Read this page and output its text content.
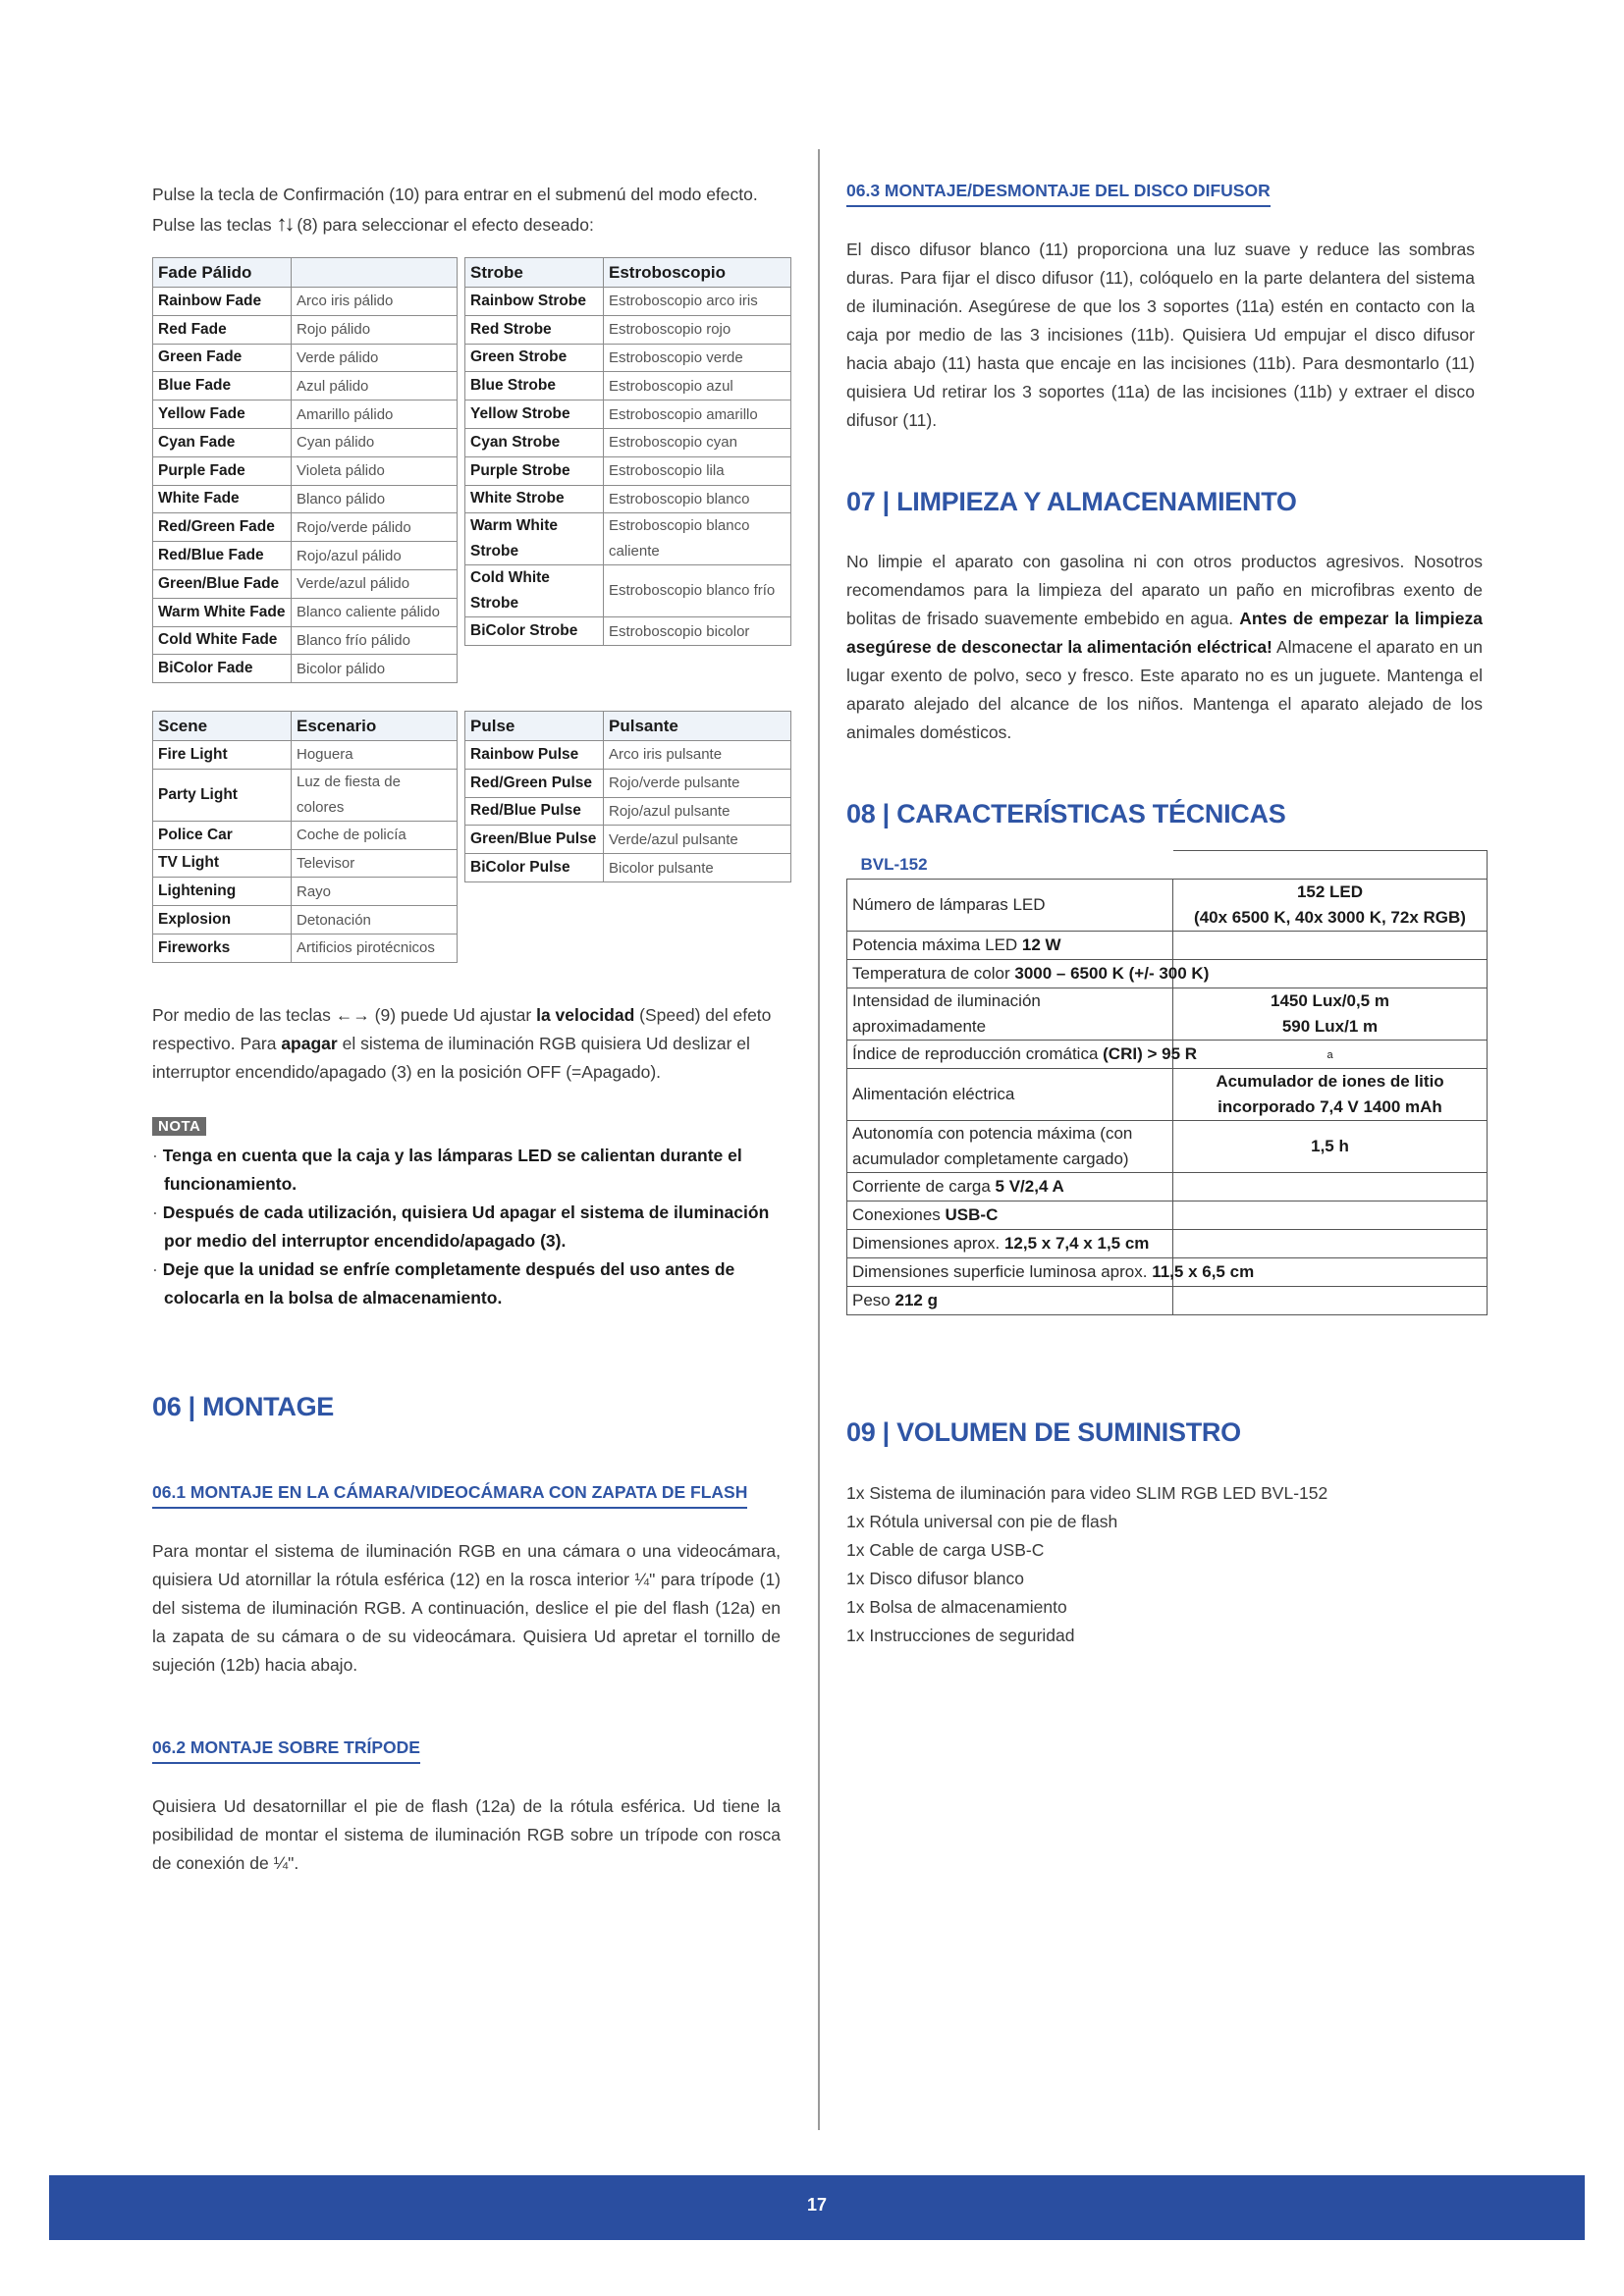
Pulse la tecla de Confirmación (10) para entrar en el submenú del modo efecto.
Pulse las teclas ↑↓ (8) para seleccionar el efecto deseado:

Fade Pálido	
Rainbow Fade	Arco iris pálido
Red Fade	Rojo pálido
Green Fade	Verde pálido
Blue Fade	Azul pálido
Yellow Fade	Amarillo pálido
Cyan Fade	Cyan pálido
Purple Fade	Violeta pálido
White Fade	Blanco pálido
Red/Green Fade	Rojo/verde pálido
Red/Blue Fade	Rojo/azul pálido
Green/Blue Fade	Verde/azul pálido
Warm White Fade	Blanco caliente pálido
Cold White Fade	Blanco frío pálido
BiColor Fade	Bicolor pálido
Strobe	Estroboscopio
Rainbow Strobe	Estroboscopio arco iris
Red Strobe	Estroboscopio rojo
Green Strobe	Estroboscopio verde
Blue Strobe	Estroboscopio azul
Yellow Strobe	Estroboscopio amarillo
Cyan Strobe	Estroboscopio cyan
Purple Strobe	Estroboscopio lila
White Strobe	Estroboscopio blanco
Warm White Strobe	Estroboscopio blanco caliente
Cold White Strobe	Estroboscopio blanco frío
BiColor Strobe	Estroboscopio bicolor
Scene	Escenario
Fire Light	Hoguera
Party Light	Luz de fiesta de colores
Police Car	Coche de policía
TV Light	Televisor
Lightening	Rayo
Explosion	Detonación
Fireworks	Artificios pirotécnicos
Pulse	Pulsante
Rainbow Pulse	Arco iris pulsante
Red/Green Pulse	Rojo/verde pulsante
Red/Blue Pulse	Rojo/azul pulsante
Green/Blue Pulse	Verde/azul pulsante
BiColor Pulse	Bicolor pulsante

Por medio de las teclas ←→ (9) puede Ud ajustar la velocidad (Speed) del efeto respectivo. Para apagar el sistema de iluminación RGB quisiera Ud deslizar el interruptor encendido/apagado (3) en la posición OFF (=Apagado).

NOTA
· Tenga en cuenta que la caja y las lámparas LED se calientan durante el funcionamiento.
· Después de cada utilización, quisiera Ud apagar el sistema de iluminación por medio del interruptor encendido/apagado (3).
· Deje que la unidad se enfríe completamente después del uso antes de colocarla en la bolsa de almacenamiento.
06 | MONTAGE
06.1 MONTAJE EN LA CÁMARA/VIDEOCÁMARA CON ZAPATA DE FLASH

Para montar el sistema de iluminación RGB en una cámara o una videocámara, quisiera Ud atornillar la rótula esférica (12) en la rosca interior ¼" para trípode (1) del sistema de iluminación RGB. A continuación, deslice el pie del flash (12a) en la zapata de su cámara o de su videocámara. Quisiera Ud apretar el tornillo de sujeción (12b) hacia abajo.

06.2 MONTAJE SOBRE TRÍPODE

Quisiera Ud desatornillar el pie de flash (12a) de la rótula esférica. Ud tiene la posibilidad de montar el sistema de iluminación RGB sobre un trípode con rosca de conexión de ¼".

06.3 MONTAJE/DESMONTAJE DEL DISCO DIFUSOR

El disco difusor blanco (11) proporciona una luz suave y reduce las sombras duras. Para fijar el disco difusor (11), colóquelo en la parte delantera del sistema de iluminación. Asegúrese de que los 3 soportes (11a) estén en contacto con la caja por medio de las 3 incisiones (11b). Quisiera Ud empujar el disco difusor hacia abajo (11) hasta que encaje en las incisiones (11b). Para desmontarlo (11) quisiera Ud retirar los 3 soportes (11a) de las incisiones (11b) y extraer el disco difusor (11).

07 | LIMPIEZA Y ALMACENAMIENTO

No limpie el aparato con gasolina ni con otros productos agresivos. Nosotros recomendamos para la limpieza del aparato un paño en microfibras exento de bolitas de frisado suavemente embebido en agua. Antes de empezar la limpieza asegúrese de desconectar la alimentación eléctrica! Almacene el aparato en un lugar exento de polvo, seco y fresco. Este aparato no es un juguete. Mantenga el aparato alejado del alcance de los niños. Mantenga el aparato alejado de los animales domésticos.

08 | CARACTERÍSTICAS TÉCNICAS
BVL-152	
Número de lámparas LED	152 LED
(40x 6500 K, 40x 3000 K, 72x RGB)
Potencia máxima LED 12 W	
Temperatura de color 3000 – 6500 K (+/- 300 K)	
Intensidad de iluminación aproximadamente	1450 Lux/0,5 m
590 Lux/1 m
Índice de reproducción cromática (CRI) > 95 R	a
Alimentación eléctrica	Acumulador de iones de litio
incorporado 7,4 V 1400 mAh
Autonomía con potencia máxima (con acumulador completamente cargado)	1,5 h
Corriente de carga 5 V/2,4 A	
Conexiones USB-C	
Dimensiones aprox. 12,5 x 7,4 x 1,5 cm	
Dimensiones superficie luminosa aprox. 11,5 x 6,5 cm	
Peso 212 g	
09 | VOLUMEN DE SUMINISTRO
1x Sistema de iluminación para video SLIM RGB LED BVL-152
1x Rótula universal con pie de flash
1x Cable de carga USB-C
1x Disco difusor blanco
1x Bolsa de almacenamiento
1x Instrucciones de seguridad
17
